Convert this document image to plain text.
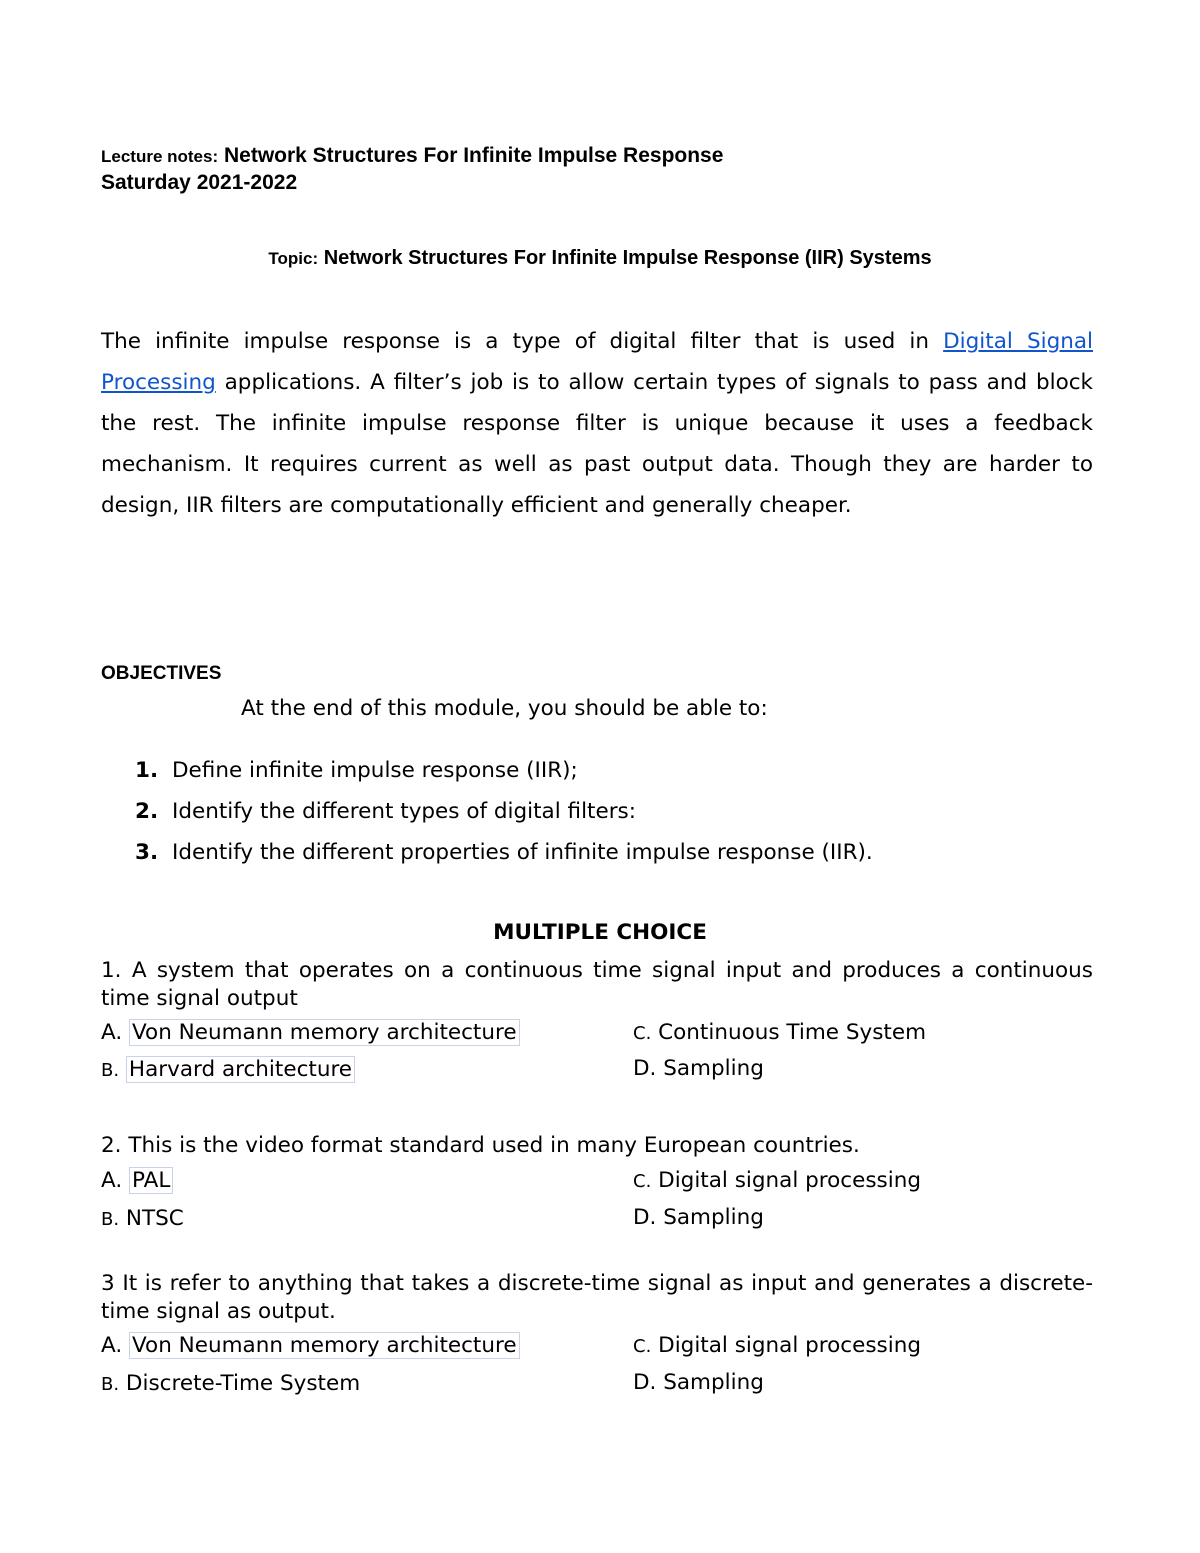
Lecture notes: Network Structures For Infinite Impulse Response
Saturday 2021-2022
Topic: Network Structures For Infinite Impulse Response (IIR) Systems

The infinite impulse response is a type of digital filter that is used in Digital Signal Processing applications. A filter’s job is to allow certain types of signals to pass and block the rest. The infinite impulse response filter is unique because it uses a feedback mechanism. It requires current as well as past output data. Though they are harder to design, IIR filters are computationally efficient and generally cheaper.

OBJECTIVES
At the end of this module, you should be able to:
1. Define infinite impulse response (IIR);
2. Identify the different types of digital filters:
3. Identify the different properties of infinite impulse response (IIR).
MULTIPLE CHOICE

1. A system that operates on a continuous time signal input and produces a continuous time signal output

A. Von Neumann memory architecture
B. Harvard architecture
C. Continuous Time System
D. Sampling

2. This is the video format standard used in many European countries.

A. PAL
B. NTSC
C. Digital signal processing
D. Sampling

3 It is refer to anything that takes a discrete-time signal as input and generates a discrete-time signal as output.

A. Von Neumann memory architecture
B. Discrete-Time System
C. Digital signal processing
D. Sampling
